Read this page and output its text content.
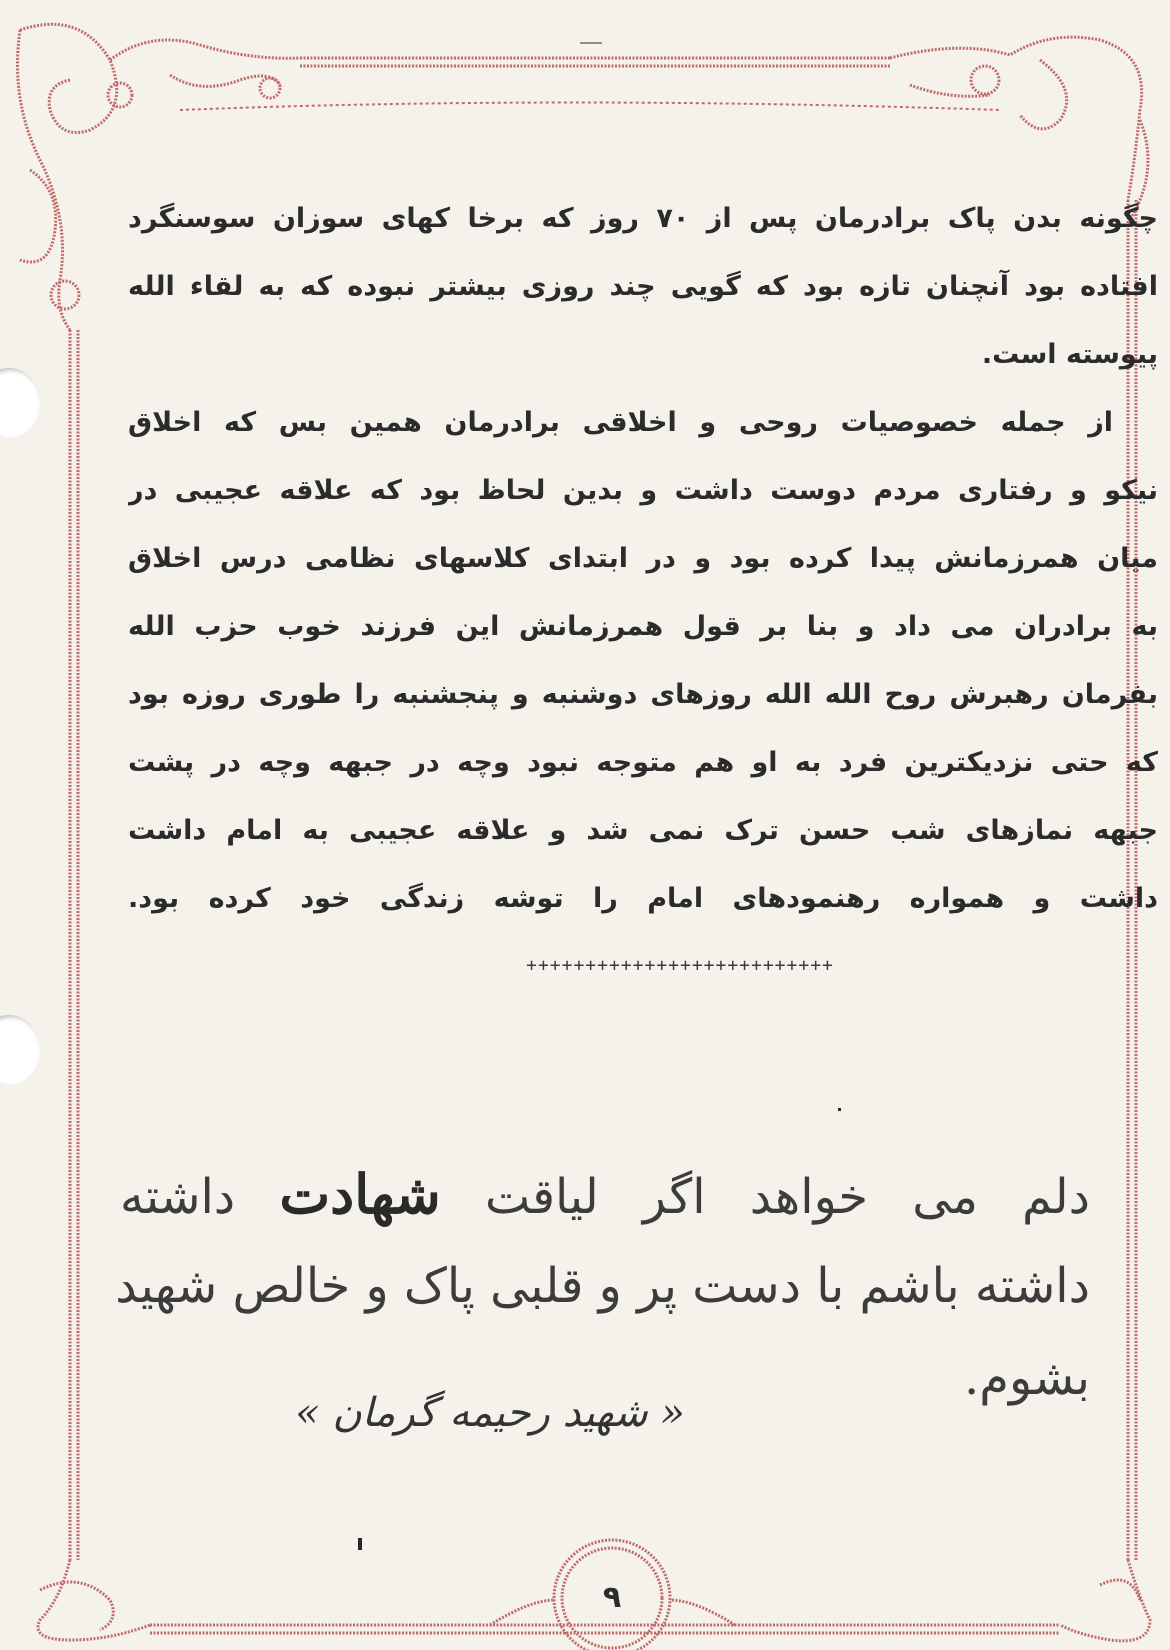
چگونه بدن پاک برادرمان پس از ۷۰ روز که برخا کهای سوزان سوسنگرد
افتاده بود آنچنان تازه بود که گویی چند روزی بیشتر نبوده که به لقاء الله
پیوسته است.
از جمله خصوصیات روحی و اخلاقی برادرمان همین بس که اخلاق
نیکو و رفتاری مردم دوست داشت و بدین لحاظ بود که علاقه عجیبی در
میان همرزمانش پیدا کرده بود و در ابتدای کلاسهای نظامی درس اخلاق
به برادران می داد و بنا بر قول همرزمانش این فرزند خوب حزب الله
بفرمان رهبرش روح الله الله روزهای دوشنبه و پنجشنبه را طوری روزه بود
که حتی نزدیکترین فرد به او هم متوجه نبود وچه در جبهه وچه در پشت
جبهه نمازهای شب حسن ترک نمی شد و علاقه عجیبی به امام داشت
داشت و همواره رهنمودهای امام را توشه زندگی خود کرده بود.
++++++++++++++++++++++++++
دلم می خواهد اگر لیاقت شهادت داشته
داشته باشم با دست پر و قلبی پاک و خالص شهید
بشوم.
« شهید رحیمه گرمان »
۹
